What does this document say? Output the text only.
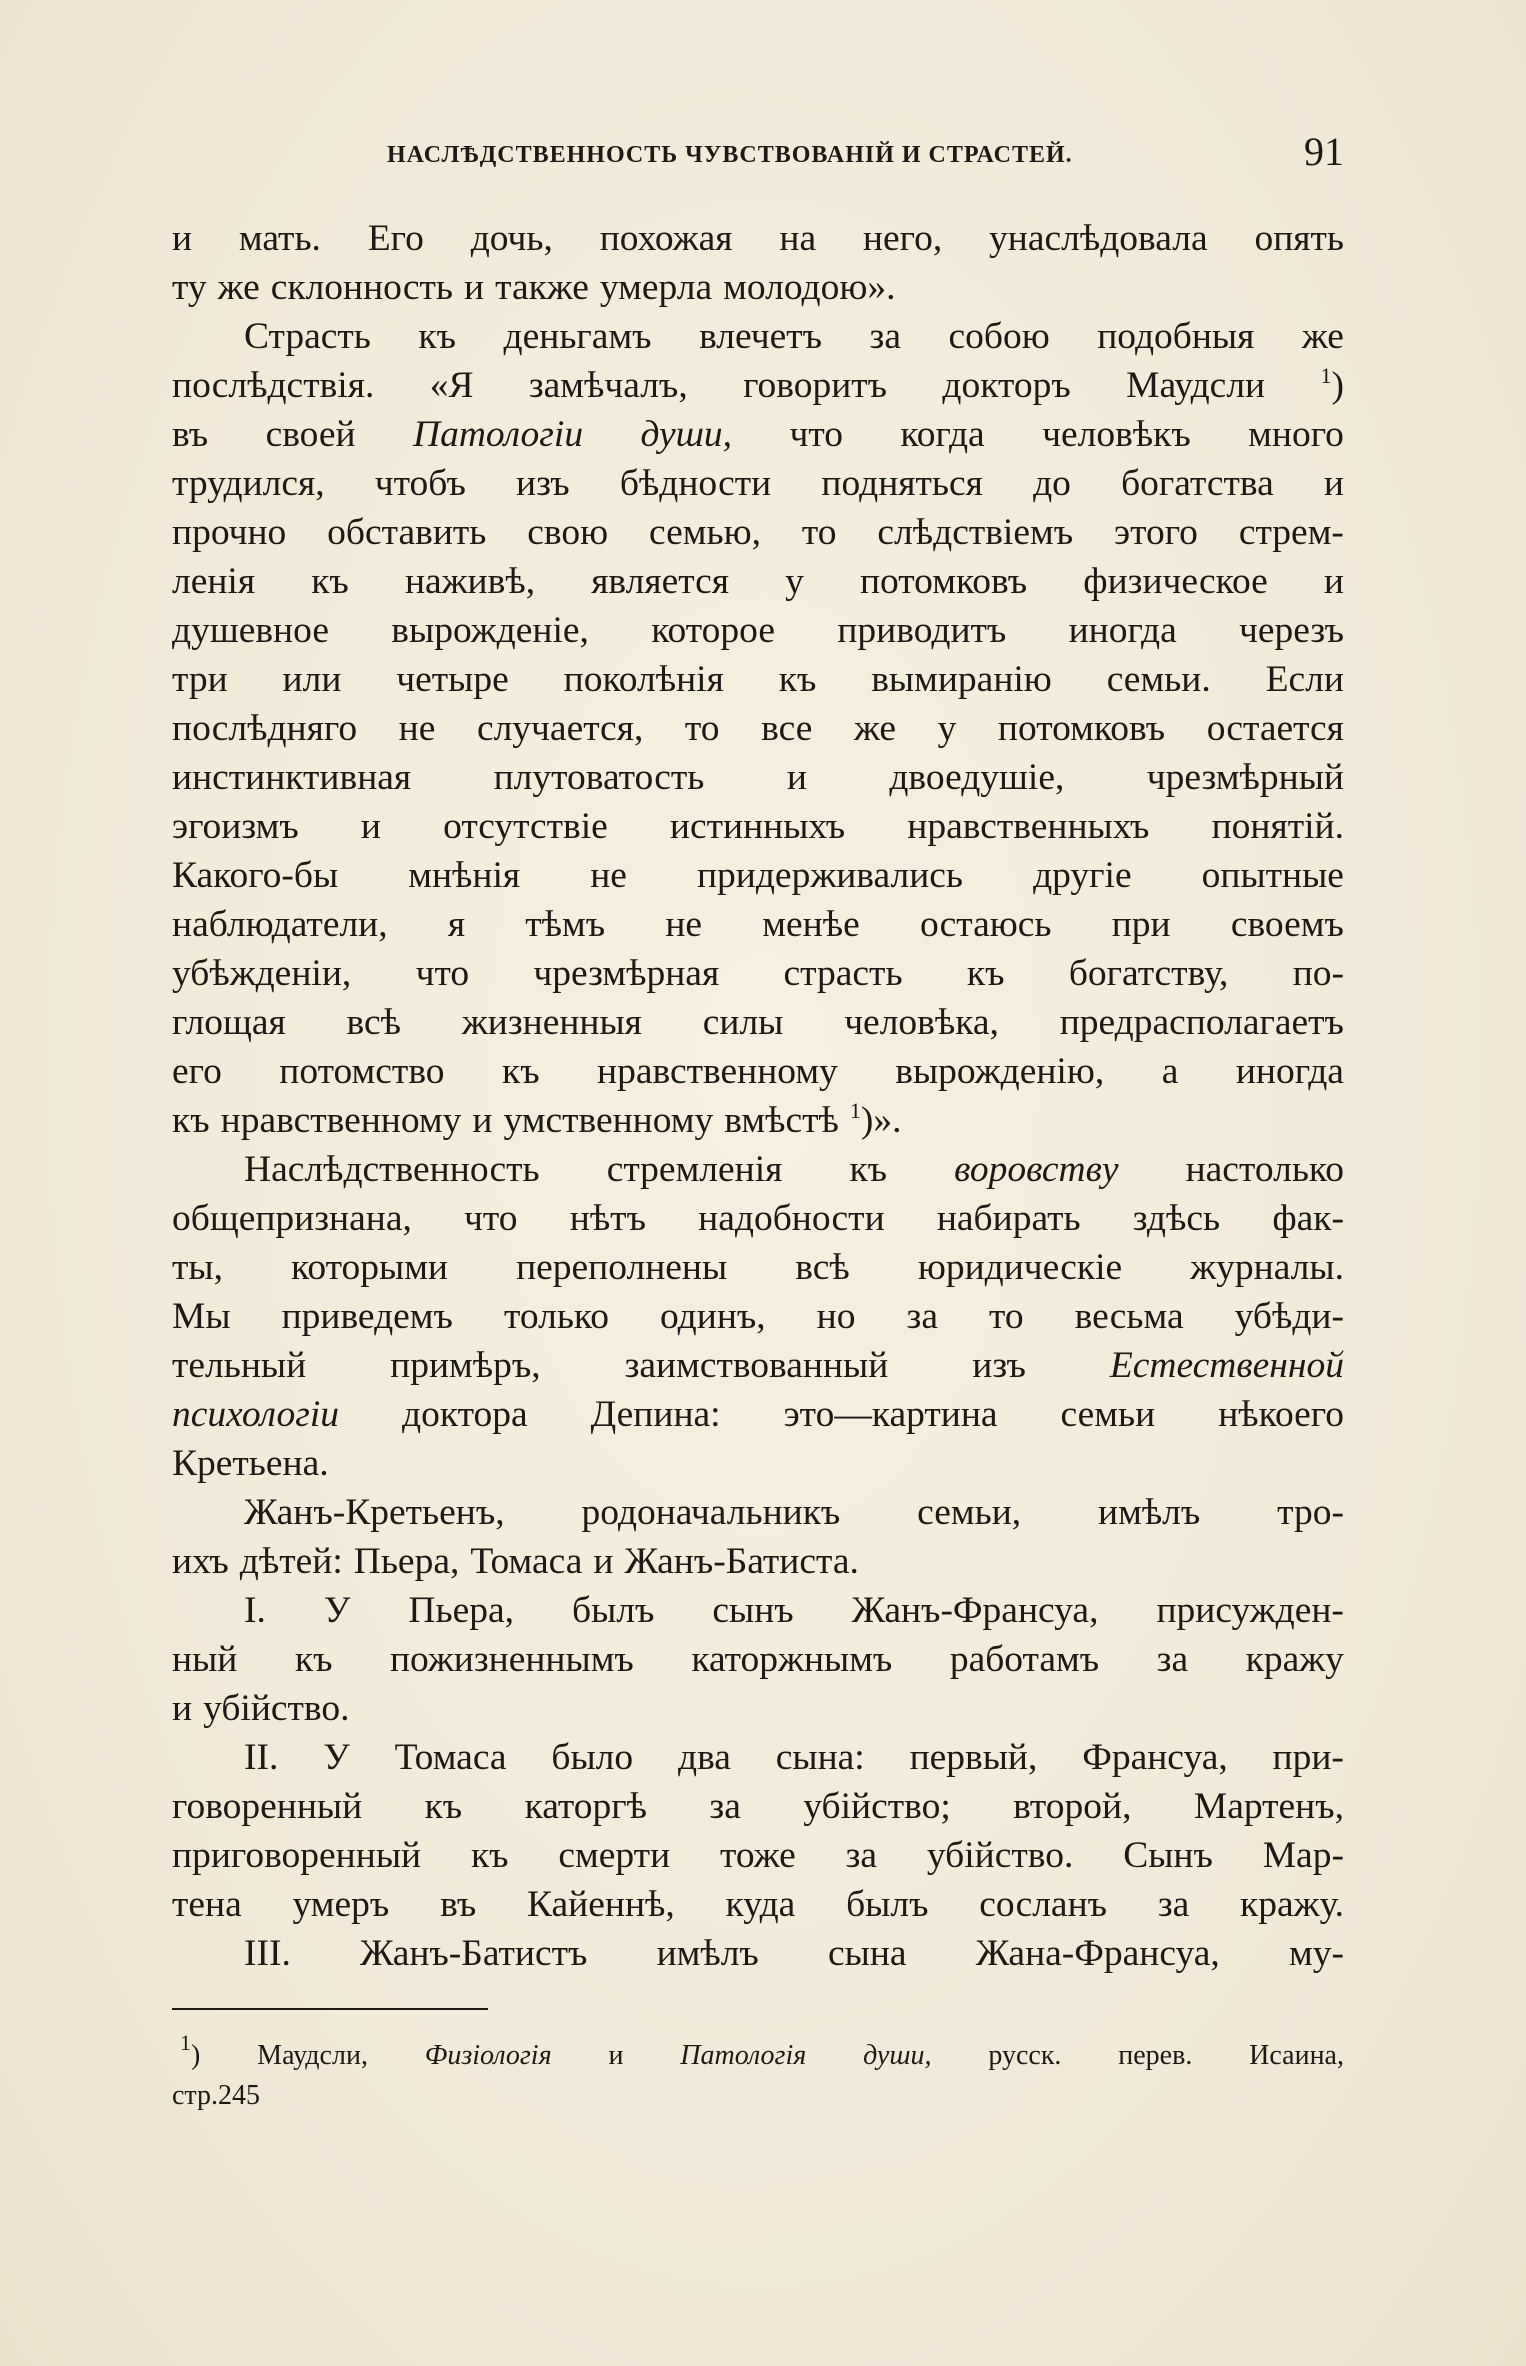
НАСЛѢДСТВЕННОСТЬ ЧУВСТВОВАНІЙ И СТРАСТЕЙ.	91
и мать. Его дочь, похожая на него, унаслѣдовала опять
ту же склонность и также умерла молодою».
Страсть къ деньгамъ влечетъ за собою подобныя же
послѣдствія. «Я замѣчалъ, говоритъ докторъ Маудсли	$^1$)
въ своей Патологіи души, что когда человѣкъ много
трудился, чтобъ изъ бѣдности подняться до богатства и
прочно обставить свою семью, то слѣдствіемъ этого стрем-
ленія къ наживѣ, является у потомковъ физическое и
душевное вырожденіе, которое приводитъ иногда черезъ
три или четыре поколѣнія къ вымиранію семьи. Если
послѣдняго не случается, то все же у потомковъ остается
инстинктивная плутоватость и двоедушіе, чрезмѣрный
эгоизмъ и отсутствіе истинныхъ нравственныхъ понятій.
Какого-бы мнѣнія не придерживались другіе опытные
наблюдатели, я тѣмъ не менѣе остаюсь при своемъ
убѣжденіи, что чрезмѣрная страсть къ богатству, по-
глощая всѣ жизненныя силы человѣка, предрасполагаетъ
его потомство къ нравственному вырожденію, а иногда
къ нравственному и умственному вмѣстѣ $^1$)».
Наслѣдственность стремленія къ воровству настолько
общепризнана, что нѣтъ надобности набирать здѣсь фак-
ты, которыми переполнены всѣ юридическіе журналы.
Мы приведемъ только одинъ, но за то весьма убѣди-
тельный примѣръ, заимствованный изъ Естественной
психологіи доктора Депина: это—картина семьи нѣкоего
Кретьена.
Жанъ-Кретьенъ, родоначальникъ семьи, имѣлъ тро-
ихъ дѣтей: Пьера, Томаса и Жанъ-Батиста.
I. У Пьера, былъ сынъ Жанъ-Франсуа, присужден-
ный къ пожизненнымъ каторжнымъ работамъ за кражу
и убійство.
II. У Томаса было два сына: первый, Франсуа, при-
говоренный къ каторгѣ за убійство; второй, Мартенъ,
приговоренный къ смерти тоже за убійство. Сынъ Мар-
тена умеръ въ Кайеннѣ, куда былъ сосланъ за кражу.
III. Жанъ-Батистъ имѣлъ сына Жана-Франсуа, му-
$^1$) Маудсли, Физіологія и Патологія души, русск. перев. Исаина,
стр. 245
